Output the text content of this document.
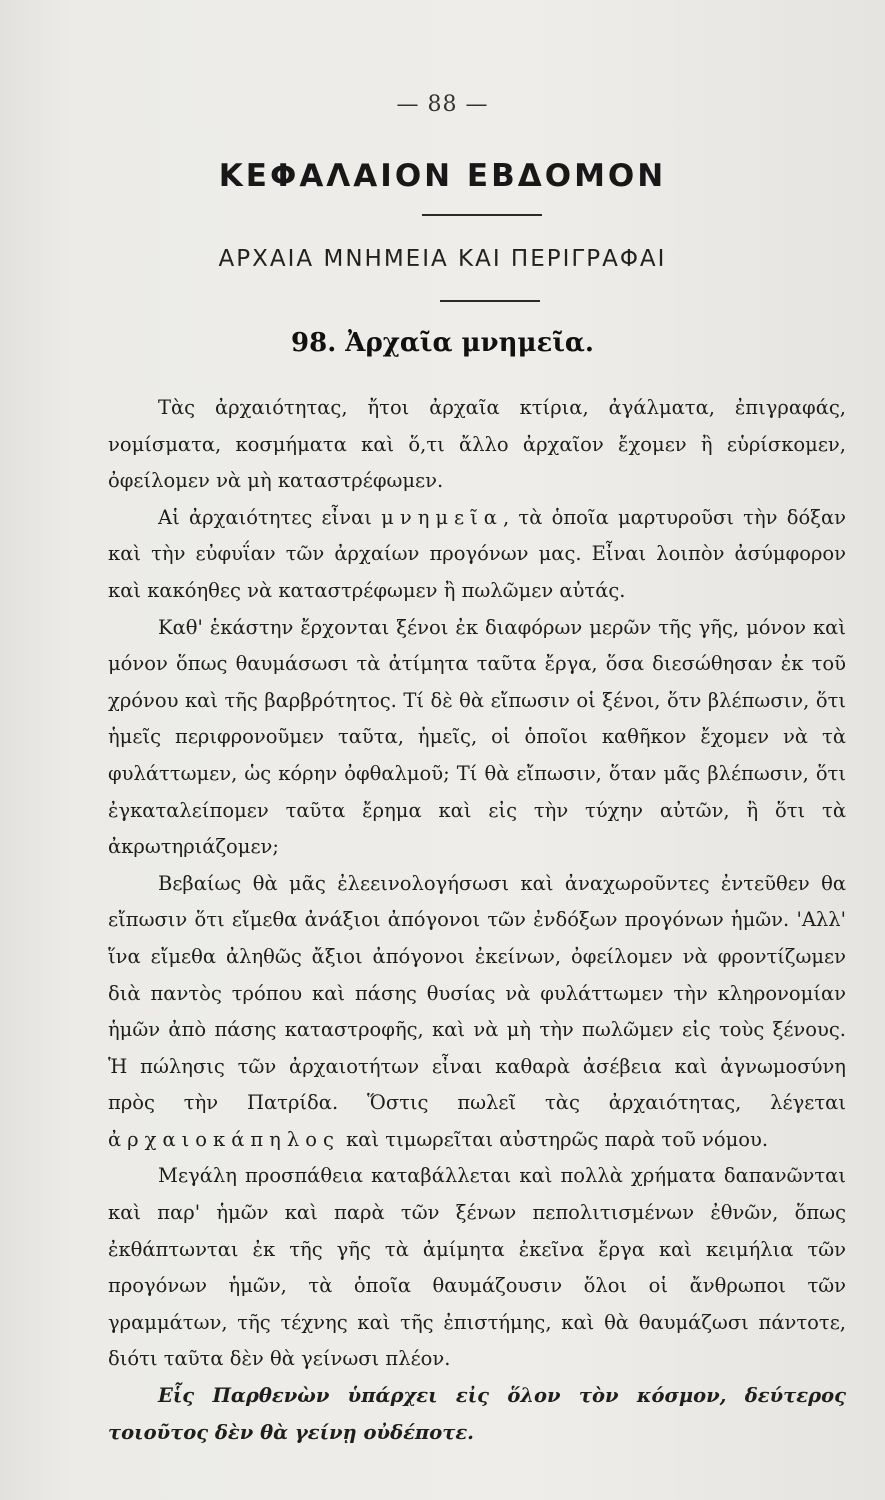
— 88 —
ΚΕΦΑΛΑΙΟΝ ΕΒΔΟΜΟΝ
ΑΡΧΑΙΑ ΜΝΗΜΕΙΑ ΚΑΙ ΠΕΡΙΓΡΑΦΑΙ
98. Ἀρχαῖα μνημεῖα.

Τὰς ἀρχαιότητας, ἤτοι ἀρχαῖα κτίρια, ἀγάλματα, ἐπιγραφάς, νομίσματα, κοσμήματα καὶ ὅ,τι ἄλλο ἀρχαῖον ἔχομεν ἢ εὑρίσκομεν, ὀφείλομεν νὰ μὴ καταστρέφωμεν.

Αἱ ἀρχαιότητες εἶναι μνημεῖα, τὰ ὁποῖα μαρτυροῦσι τὴν δόξαν καὶ τὴν εὐφυΐαν τῶν ἀρχαίων προγόνων μας. Εἶναι λοιπὸν ἀσύμφορον καὶ κακόηθες νὰ καταστρέφωμεν ἢ πωλῶμεν αὐτάς.

Καθ' ἑκάστην ἔρχονται ξένοι ἐκ διαφόρων μερῶν τῆς γῆς, μόνον καὶ μόνον ὅπως θαυμάσωσι τὰ ἀτίμητα ταῦτα ἔργα, ὅσα διεσώθησαν ἐκ τοῦ χρόνου καὶ τῆς βαρβρότητος. Τί δὲ θὰ εἴπωσιν οἱ ξένοι, ὅτν βλέπωσιν, ὅτι ἡμεῖς περιφρονοῦμεν ταῦτα, ἡμεῖς, οἱ ὁποῖοι καθῆκον ἔχομεν νὰ τὰ φυλάττωμεν, ὡς κόρην ὀφθαλμοῦ; Τί θὰ εἴπωσιν, ὅταν μᾶς βλέπωσιν, ὅτι ἐγκαταλείπομεν ταῦτα ἔρημα καὶ εἰς τὴν τύχην αὐτῶν, ἢ ὅτι τὰ ἀκρωτηριάζομεν;

Βεβαίως θὰ μᾶς ἐλεεινολογήσωσι καὶ ἀναχωροῦντες ἐντεῦθεν θα εἴπωσιν ὅτι εἴμεθα ἀνάξιοι ἀπόγονοι τῶν ἐνδόξων προγόνων ἡμῶν. 'Αλλ' ἵνα εἴμεθα ἀληθῶς ἄξιοι ἀπόγονοι ἐκείνων, ὀφείλομεν νὰ φροντίζωμεν διὰ παντὸς τρόπου καὶ πάσης θυσίας νὰ φυλάττωμεν τὴν κληρονομίαν ἡμῶν ἀπὸ πάσης καταστροφῆς, καὶ νὰ μὴ τὴν πωλῶμεν εἰς τοὺς ξένους. Ἡ πώλησις τῶν ἀρχαιοτήτων εἶναι καθαρὰ ἀσέβεια καὶ ἀγνωμοσύνη πρὸς τὴν Πατρίδα. Ὅστις πωλεῖ τὰς ἀρχαιότητας, λέγεται ἀρχαιοκάπηλος καὶ τιμωρεῖται αὐστηρῶς παρὰ τοῦ νόμου.

Μεγάλη προσπάθεια καταβάλλεται καὶ πολλὰ χρήματα δαπανῶνται καὶ παρ' ἡμῶν καὶ παρὰ τῶν ξένων πεπολιτισμένων ἐθνῶν, ὅπως ἐκθάπτωνται ἐκ τῆς γῆς τὰ ἀμίμητα ἐκεῖνα ἔργα καὶ κειμήλια τῶν προγόνων ἡμῶν, τὰ ὁποῖα θαυμάζουσιν ὅλοι οἱ ἄνθρωποι τῶν γραμμάτων, τῆς τέχνης καὶ τῆς ἐπιστήμης, καὶ θὰ θαυμάζωσι πάντοτε, διότι ταῦτα δὲν θὰ γείνωσι πλέον.

Εἷς Παρθενὼν ὑπάρχει εἰς ὅλον τὸν κόσμον, δεύτερος τοιοῦτος δὲν θὰ γείνῃ οὐδέποτε.
